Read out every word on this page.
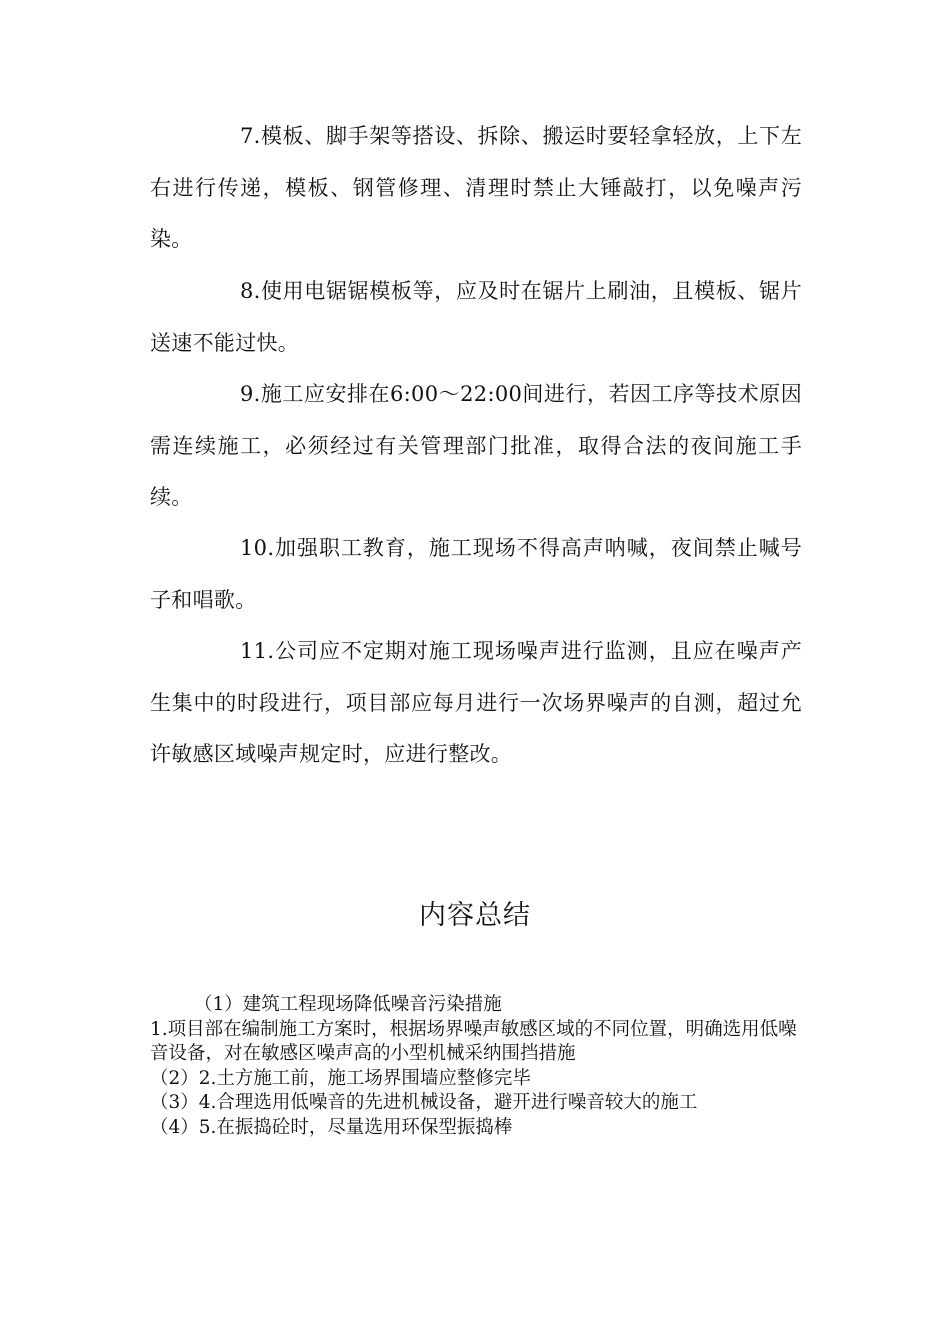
7.模板、脚手架等搭设、拆除、搬运时要轻拿轻放，上下左右进行传递，模板、钢管修理、清理时禁止大锤敲打，以免噪声污染。

8.使用电锯锯模板等，应及时在锯片上刷油，且模板、锯片送速不能过快。

9.施工应安排在6:00～22:00间进行，若因工序等技术原因需连续施工，必须经过有关管理部门批准，取得合法的夜间施工手续。

10.加强职工教育，施工现场不得高声呐喊，夜间禁止喊号子和唱歌。

11.公司应不定期对施工现场噪声进行监测，且应在噪声产生集中的时段进行，项目部应每月进行一次场界噪声的自测，超过允许敏感区域噪声规定时，应进行整改。

内容总结

（1）建筑工程现场降低噪音污染措施

1.项目部在编制施工方案时，根据场界噪声敏感区域的不同位置，明确选用低噪音设备，对在敏感区噪声高的小型机械采纳围挡措施

（2）2.土方施工前，施工场界围墙应整修完毕

（3）4.合理选用低噪音的先进机械设备，避开进行噪音较大的施工

（4）5.在振捣砼时，尽量选用环保型振捣棒
